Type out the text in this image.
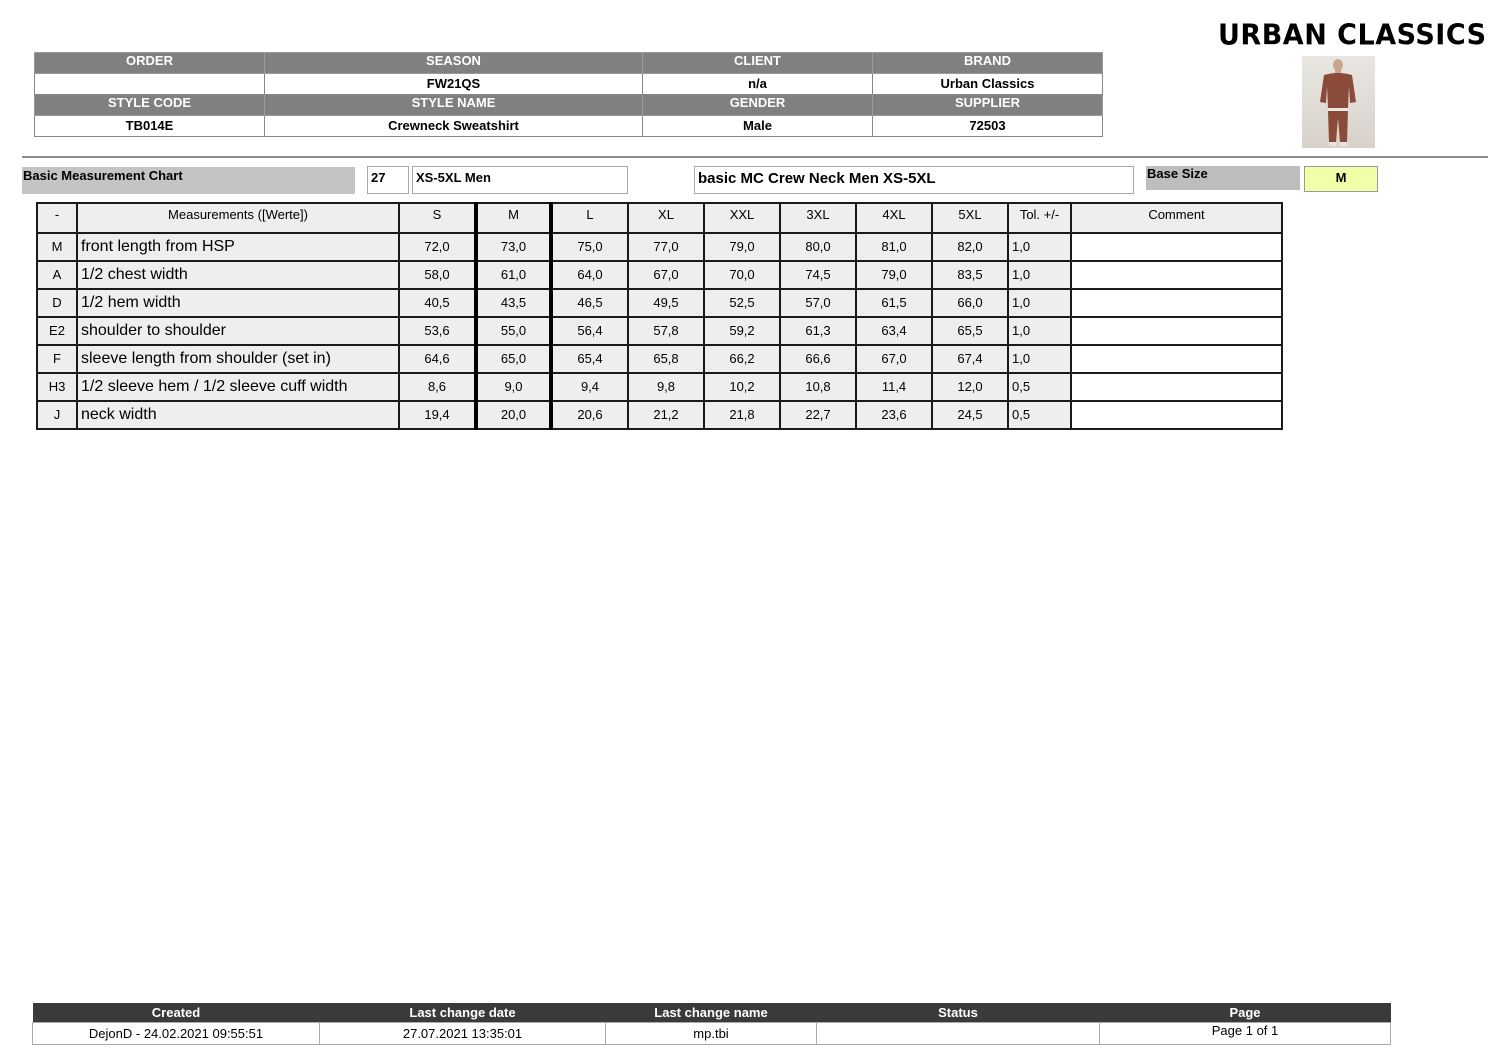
URBAN CLASSICS
ORDER	SEASON	CLIENT	BRAND
	FW21QS	n/a	Urban Classics
STYLE CODE	STYLE NAME	GENDER	SUPPLIER
TB014E	Crewneck Sweatshirt	Male	72503
Basic Measurement Chart	27	XS-5XL Men	basic MC Crew Neck Men XS-5XL	Base Size	M
-	Measurements ([Werte])	S	M	L	XL	XXL	3XL	4XL	5XL	Tol. +/-	Comment
M	front length from HSP	72,0	73,0	75,0	77,0	79,0	80,0	81,0	82,0	1,0	
A	1/2 chest width	58,0	61,0	64,0	67,0	70,0	74,5	79,0	83,5	1,0	
D	1/2 hem width	40,5	43,5	46,5	49,5	52,5	57,0	61,5	66,0	1,0	
E2	shoulder to shoulder	53,6	55,0	56,4	57,8	59,2	61,3	63,4	65,5	1,0	
F	sleeve length from shoulder (set in)	64,6	65,0	65,4	65,8	66,2	66,6	67,0	67,4	1,0	
H3	1/2 sleeve hem / 1/2 sleeve cuff width	8,6	9,0	9,4	9,8	10,2	10,8	11,4	12,0	0,5	
J	neck width	19,4	20,0	20,6	21,2	21,8	22,7	23,6	24,5	0,5	
Created	Last change date	Last change name	Status	Page
DejonD - 24.02.2021 09:55:51	27.07.2021 13:35:01	mp.tbi		Page 1 of 1
